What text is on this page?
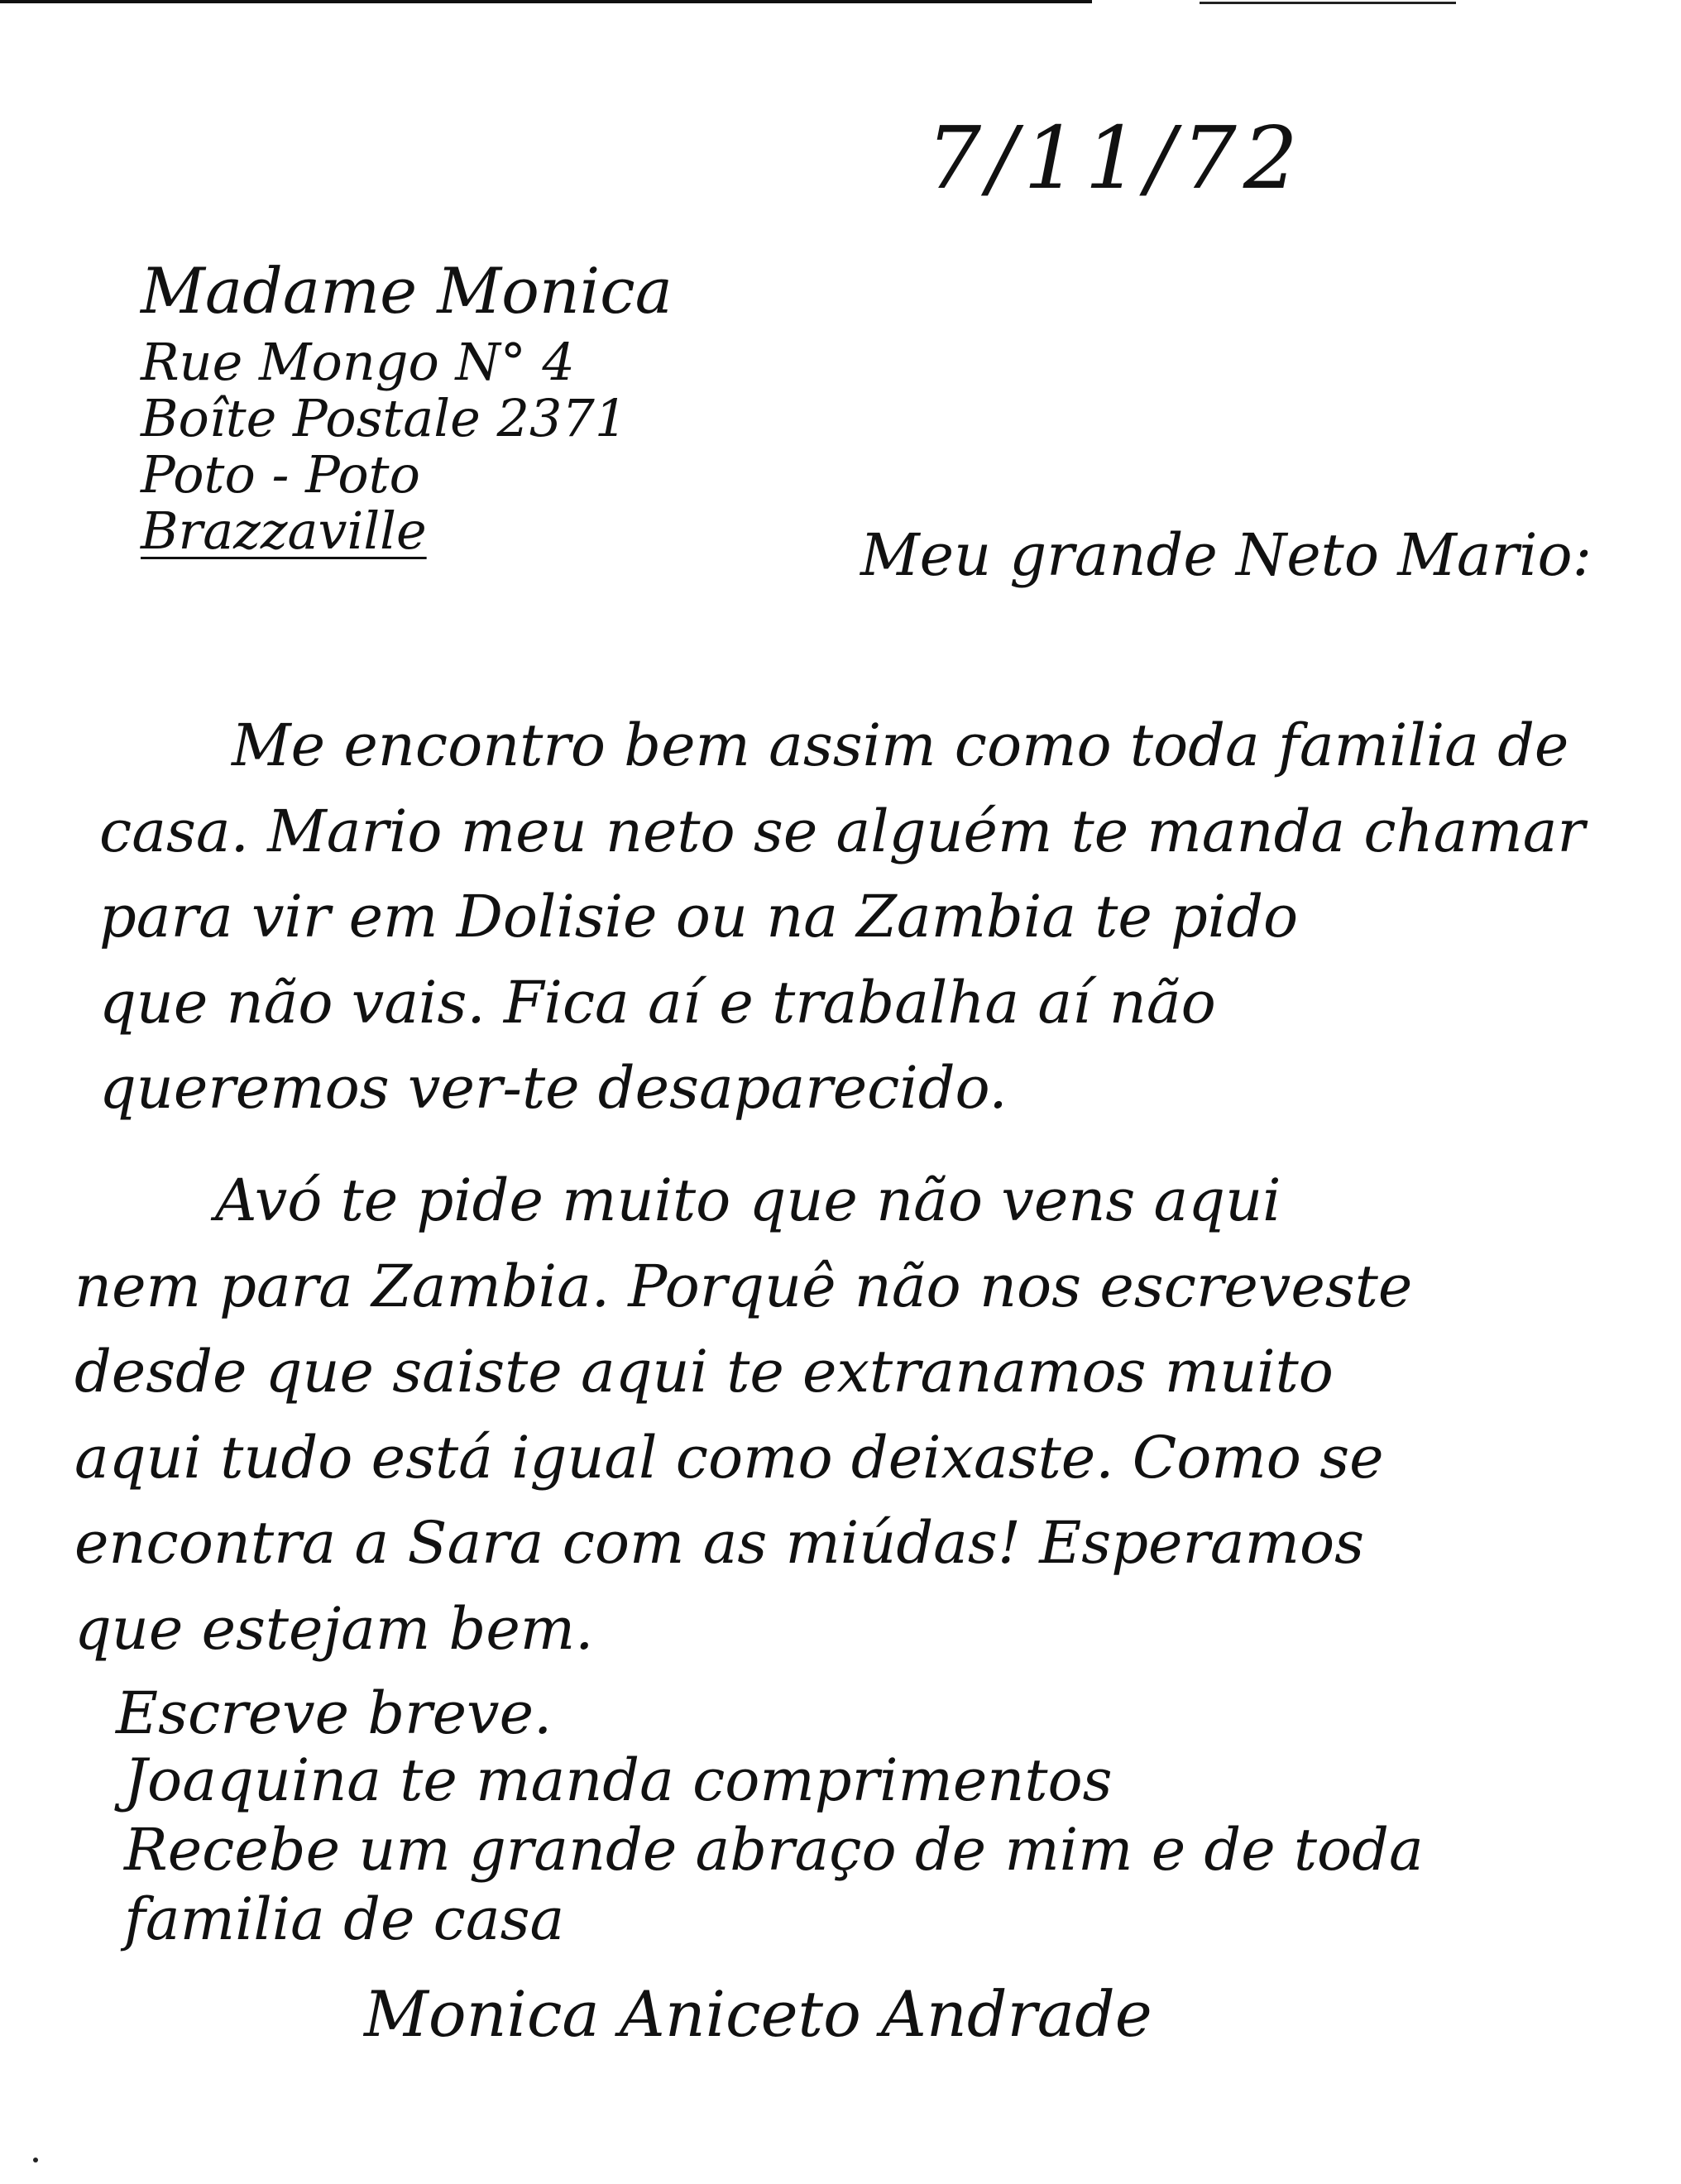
7/11/72
Madame Monica
Rue Mongo N° 4
Boîte Postale 2371
Poto - Poto
Brazzaville	Meu grande Neto Mario:
Me encontro bem assim como toda familia de
casa. Mario meu neto se alguém te manda chamar
para vir em Dolisie ou na Zambia te pido
que não vais. Fica aí e trabalha aí não
queremos ver-te desaparecido.
Avó te pide muito que não vens aqui
nem para Zambia. Porquê não nos escreveste
desde que saiste aqui te extranamos muito
aqui tudo está igual como deixaste. Como se
encontra a Sara com as miúdas! Esperamos
que estejam bem.
Escreve breve.
Joaquina te manda comprimentos
Recebe um grande abraço de mim e de toda
familia de casa
Monica Aniceto Andrade
